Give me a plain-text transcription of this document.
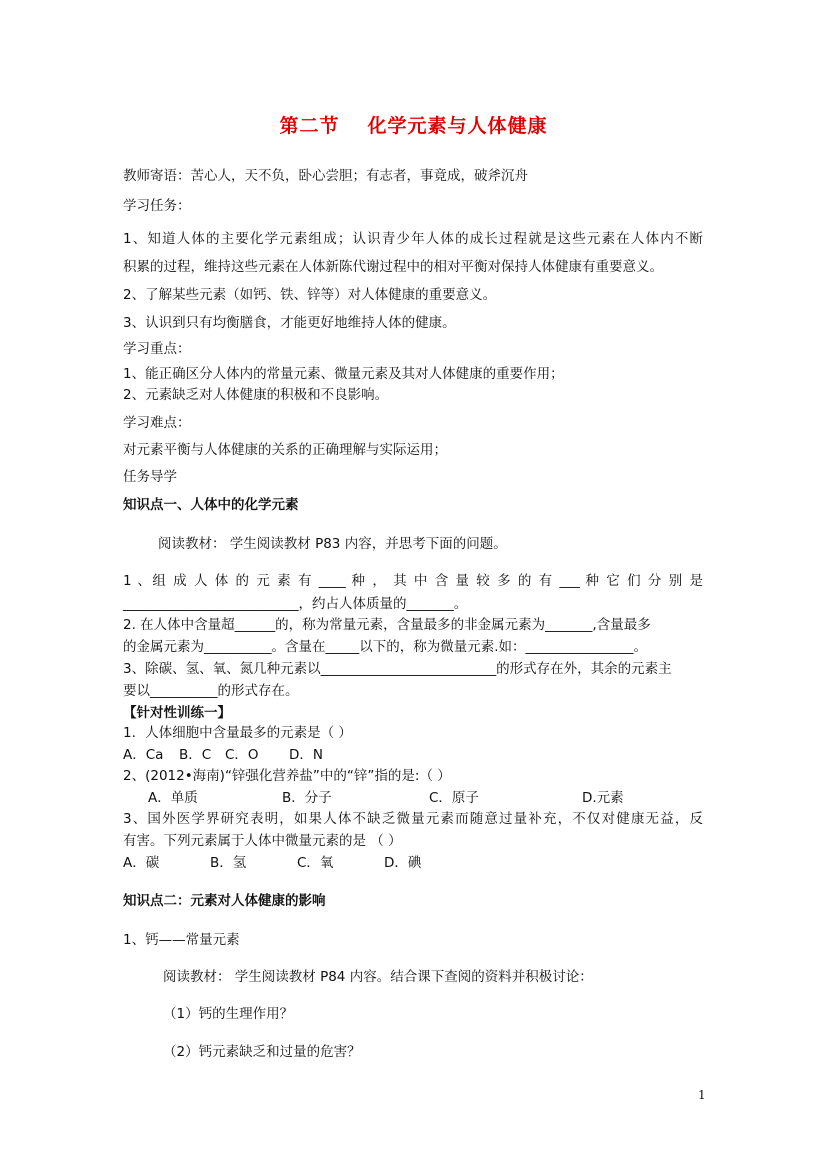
第二节 化学元素与人体健康
教师寄语：苦心人，天不负，卧心尝胆；有志者，事竟成，破斧沉舟
学习任务：
1、知道人体的主要化学元素组成；认识青少年人体的成长过程就是这些元素在人体内不断
积累的过程，维持这些元素在人体新陈代谢过程中的相对平衡对保持人体健康有重要意义。
2、了解某些元素（如钙、铁、锌等）对人体健康的重要意义。
3、认识到只有均衡膳食，才能更好地维持人体的健康。
学习重点：
1、能正确区分人体内的常量元素、微量元素及其对人体健康的重要作用；
2、元素缺乏对人体健康的积极和不良影响。
学习难点：
对元素平衡与人体健康的关系的正确理解与实际运用；
任务导学
知识点一、人体中的化学元素
阅读教材： 学生阅读教材 P83 内容，并思考下面的问题。
1 、组 成 人 体 的 元 素 有 ____ 种 ， 其 中 含 量 较 多 的 有 ___ 种 它 们 分 别 是
__________________________，约占人体质量的_______。
2. 在人体中含量超______的，称为常量元素，含量最多的非金属元素为_______,含量最多
的金属元素为__________。含量在_____以下的，称为微量元素.如：________________。
3、除碳、氢、氧、氮几种元素以__________________________的形式存在外，其余的元素主
要以__________的形式存在。
【针对性训练一】
1．人体细胞中含量最多的元素是（ ）
A．Ca B．C C．O D．N
2、(2012•海南)“锌强化营养盐”中的“锌”指的是:（ ）
A．单质	B．分子	C．原子	D.元素
3、国外医学界研究表明，如果人体不缺乏微量元素而随意过量补充，不仅对健康无益，反
有害。下列元素属于人体中微量元素的是 （ ）
A．碳	B．氢	C．氧	D．碘
知识点二：元素对人体健康的影响
1、钙——常量元素
阅读教材： 学生阅读教材 P84 内容。结合课下查阅的资料并积极讨论：
（1）钙的生理作用？
（2）钙元素缺乏和过量的危害？
1
